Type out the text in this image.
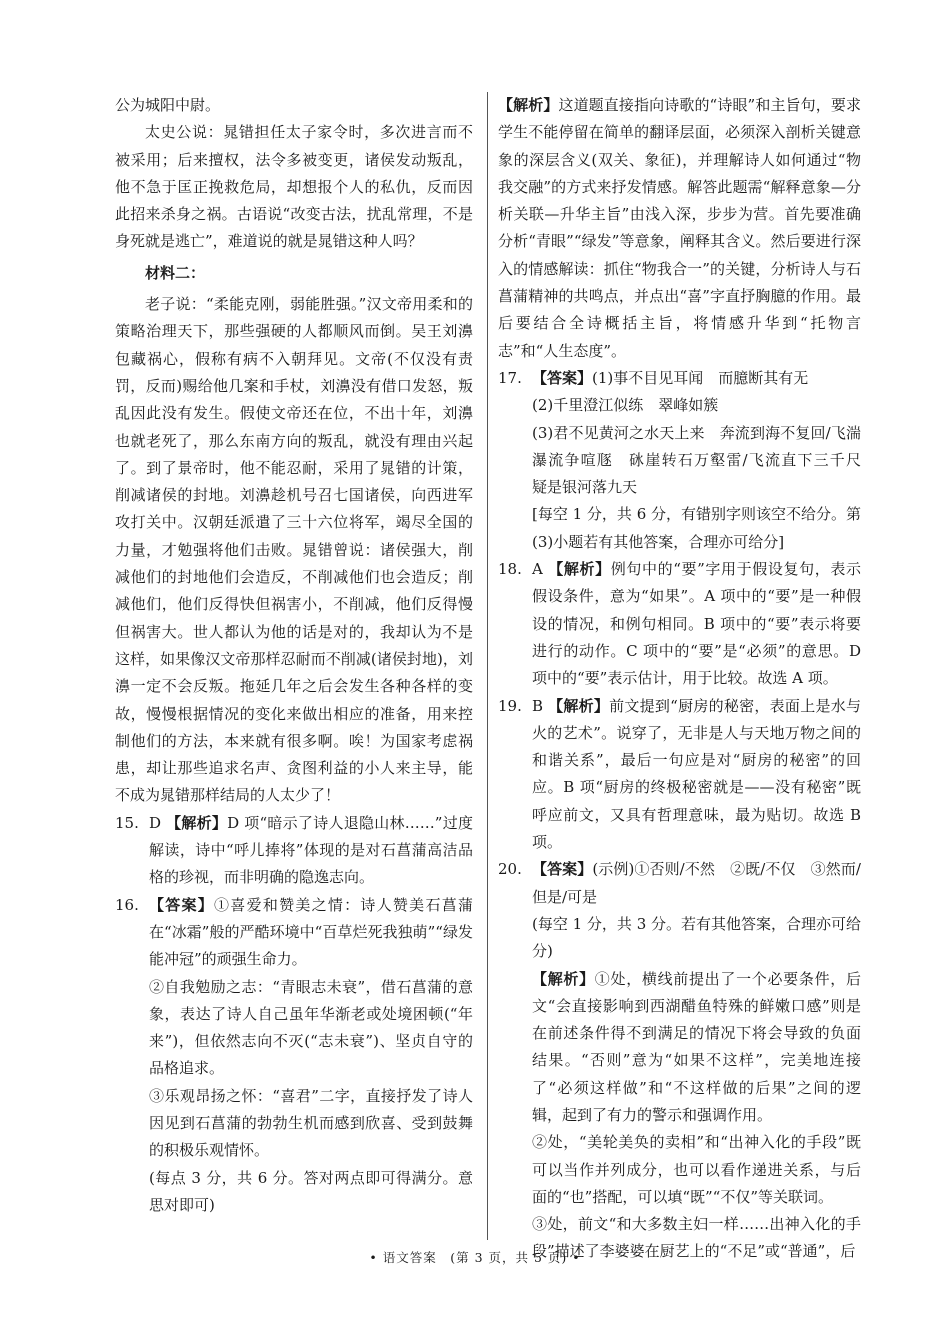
公为城阳中尉。

太史公说：晁错担任太子家令时，多次进言而不被采用；后来擅权，法令多被变更，诸侯发动叛乱，他不急于匡正挽救危局，却想报个人的私仇，反而因此招来杀身之祸。古语说“改变古法，扰乱常理，不是身死就是逃亡”，难道说的就是晁错这种人吗？

材料二：

老子说：“柔能克刚，弱能胜强。”汉文帝用柔和的策略治理天下，那些强硬的人都顺风而倒。吴王刘濞包藏祸心，假称有病不入朝拜见。文帝(不仅没有责罚，反而)赐给他几案和手杖，刘濞没有借口发怒，叛乱因此没有发生。假使文帝还在位，不出十年，刘濞也就老死了，那么东南方向的叛乱，就没有理由兴起了。到了景帝时，他不能忍耐，采用了晁错的计策，削减诸侯的封地。刘濞趁机号召七国诸侯，向西进军攻打关中。汉朝廷派遣了三十六位将军，竭尽全国的力量，才勉强将他们击败。晁错曾说：诸侯强大，削减他们的封地他们会造反，不削减他们也会造反；削减他们，他们反得快但祸害小，不削减，他们反得慢但祸害大。世人都认为他的话是对的，我却认为不是这样，如果像汉文帝那样忍耐而不削减(诸侯封地)，刘濞一定不会反叛。拖延几年之后会发生各种各样的变故，慢慢根据情况的变化来做出相应的准备，用来控制他们的方法，本来就有很多啊。唉！为国家考虑祸患，却让那些追求名声、贪图利益的小人来主导，能不成为晁错那样结局的人太少了！

15. D 【解析】D 项“暗示了诗人退隐山林……”过度解读，诗中“呼儿捧将”体现的是对石菖蒲高洁品格的珍视，而非明确的隐逸志向。
16. 【答案】①喜爱和赞美之情：诗人赞美石菖蒲在“冰霜”般的严酷环境中“百草烂死我独萌”“绿发能冲冠”的顽强生命力。

②自我勉励之志：“青眼志未衰”，借石菖蒲的意象，表达了诗人自己虽年华渐老或处境困顿(“年来”)，但依然志向不灭(“志未衰”)、坚贞自守的品格追求。

③乐观昂扬之怀：“喜君”二字，直接抒发了诗人因见到石菖蒲的勃勃生机而感到欣喜、受到鼓舞的积极乐观情怀。

(每点 3 分，共 6 分。答对两点即可得满分。意思对即可)

【解析】这道题直接指向诗歌的“诗眼”和主旨句，要求学生不能停留在简单的翻译层面，必须深入剖析关键意象的深层含义(双关、象征)，并理解诗人如何通过“物我交融”的方式来抒发情感。解答此题需“解释意象—分析关联—升华主旨”由浅入深，步步为营。首先要准确分析“青眼”“绿发”等意象，阐释其含义。然后要进行深入的情感解读：抓住“物我合一”的关键，分析诗人与石菖蒲精神的共鸣点，并点出“喜”字直抒胸臆的作用。最后要结合全诗概括主旨，将情感升华到“托物言志”和“人生态度”。

17. 【答案】(1)事不目见耳闻　而臆断其有无

(2)千里澄江似练　翠峰如簇

(3)君不见黄河之水天上来　奔流到海不复回/飞湍瀑流争喧豗　砯崖转石万壑雷/飞流直下三千尺　疑是银河落九天

[每空 1 分，共 6 分，有错别字则该空不给分。第(3)小题若有其他答案，合理亦可给分]

18. A 【解析】例句中的“要”字用于假设复句，表示假设条件，意为“如果”。A 项中的“要”是一种假设的情况，和例句相同。B 项中的“要”表示将要进行的动作。C 项中的“要”是“必须”的意思。D 项中的“要”表示估计，用于比较。故选 A 项。
19. B 【解析】前文提到“厨房的秘密，表面上是水与火的艺术”。说穿了，无非是人与天地万物之间的和谐关系”，最后一句应是对“厨房的秘密”的回应。B 项“厨房的终极秘密就是——没有秘密”既呼应前文，又具有哲理意味，最为贴切。故选 B 项。
20. 【答案】(示例)①否则/不然　②既/不仅　③然而/但是/可是

(每空 1 分，共 3 分。若有其他答案，合理亦可给分)

【解析】①处，横线前提出了一个必要条件，后文“会直接影响到西湖醋鱼特殊的鲜嫩口感”则是在前述条件得不到满足的情况下将会导致的负面结果。“否则”意为“如果不这样”，完美地连接了“必须这样做”和“不这样做的后果”之间的逻辑，起到了有力的警示和强调作用。

②处，“美轮美奂的卖相”和“出神入化的手段”既可以当作并列成分，也可以看作递进关系，与后面的“也”搭配，可以填“既”“不仅”等关联词。

③处，前文“和大多数主妇一样……出神入化的手段”描述了李婆婆在厨艺上的“不足”或“普通”，后

• 语文答案　(第 3 页，共 5 页) •
